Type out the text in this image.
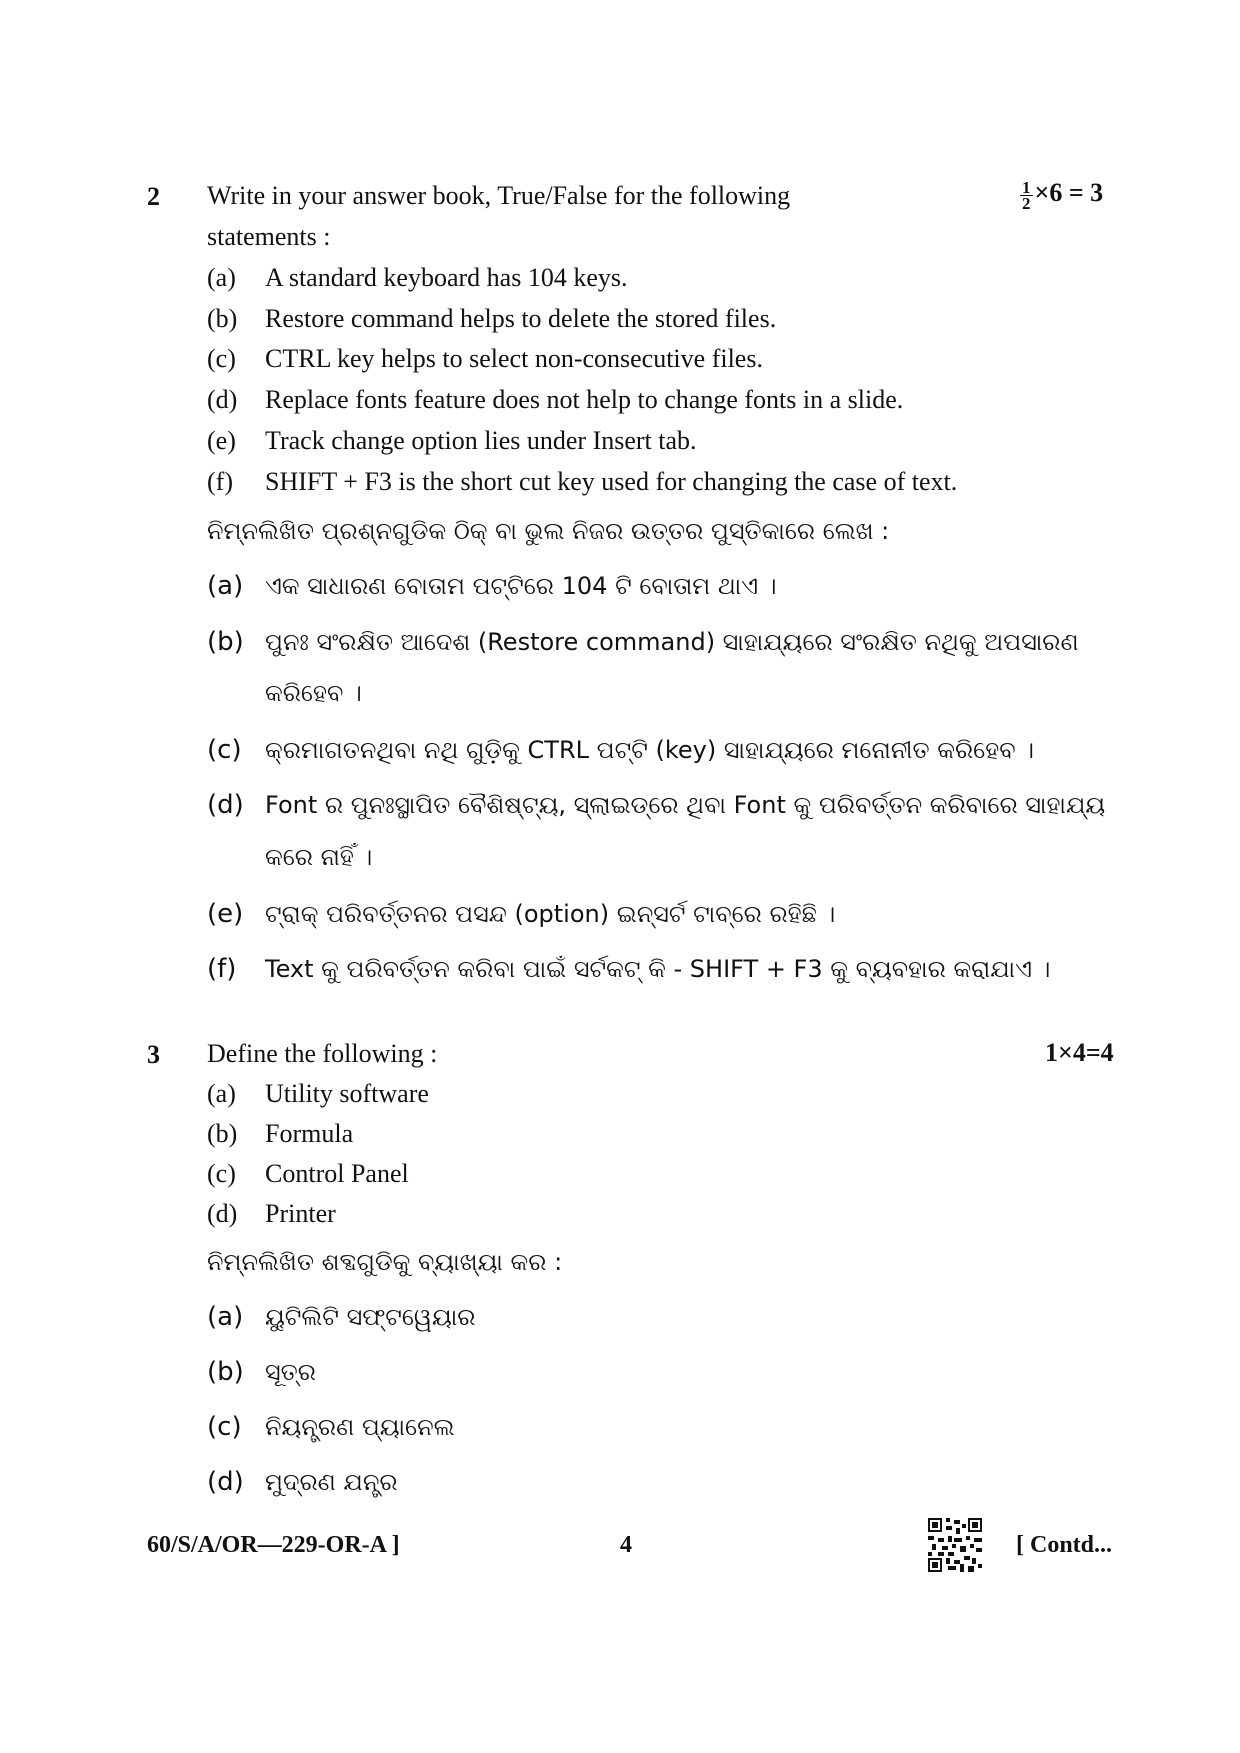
2 Write in your answer book, True/False for the following	$\frac{1}{2} \times 6 = 3$
statements :
(a) A standard keyboard has 104 keys.
(b) Restore command helps to delete the stored files.
(c) CTRL key helps to select non-consecutive files.
(d) Replace fonts feature does not help to change fonts in a slide.
(e) Track change option lies under Insert tab.
(f) SHIFT + F3 is the short cut key used for changing the case of text.
ନିମ୍ନଲିଖିତ ପ୍ରଶ୍ନଗୁଡିକ ଠିକ୍ ବା ଭୁଲ ନିଜର ଉତ୍ତର ପୁସ୍ତିକାରେ ଲେଖ :
(a) ଏକ ସାଧାରଣ ବୋତାମ ପଟ୍ଟିରେ 104 ଟି ବୋତାମ ଥାଏ ।
(b) ପୁନଃ ସଂରକ୍ଷିତ ଆଦେଶ (Restore command) ସାହାଯ୍ୟରେ ସଂରକ୍ଷିତ ନଥିକୁ ଅପସାରଣ
କରିହେବ ।
(c) କ୍ରମାଗତନଥିବା ନଥି ଗୁଡ଼ିକୁ CTRL ପଟ୍ଟି (key) ସାହାଯ୍ୟରେ ମନୋନୀତ କରିହେବ ।
(d) Font ର ପୁନଃସ୍ଥାପିତ ବୈଶିଷ୍ଟ୍ୟ, ସ୍ଲାଇଡ୍‌ରେ ଥିବା Font କୁ ପରିବର୍ତ୍ତନ କରିବାରେ ସାହାଯ୍ୟ
କରେ ନାହିଁ ।
(e) ଟ୍ରାକ୍ ପରିବର୍ତ୍ତନର ପସନ୍ଦ (option) ଇନ୍‌ସର୍ଟ ଟାବ୍‌ରେ ରହିଛି ।
(f) Text କୁ ପରିବର୍ତ୍ତନ କରିବା ପାଇଁ ସର୍ଟକଟ୍ କି - SHIFT + F3 କୁ ବ୍ୟବହାର କରାଯାଏ ।
3 Define the following :	1×4=4
(a) Utility software
(b) Formula
(c) Control Panel
(d) Printer
ନିମ୍ନଲିଖିତ ଶବ୍ଦଗୁଡିକୁ ବ୍ୟାଖ୍ୟା କର :
(a) ୟୁଟିଲିଟି ସଫ୍‌ଟୱେୟାର
(b) ସୂତ୍ର
(c) ନିୟନ୍ତ୍ରଣ ପ୍ୟାନେଲ
(d) ମୁଦ୍ରଣ ଯନ୍ତ୍ର
60/S/A/OR—229-OR-A ]	4	[ Contd...
